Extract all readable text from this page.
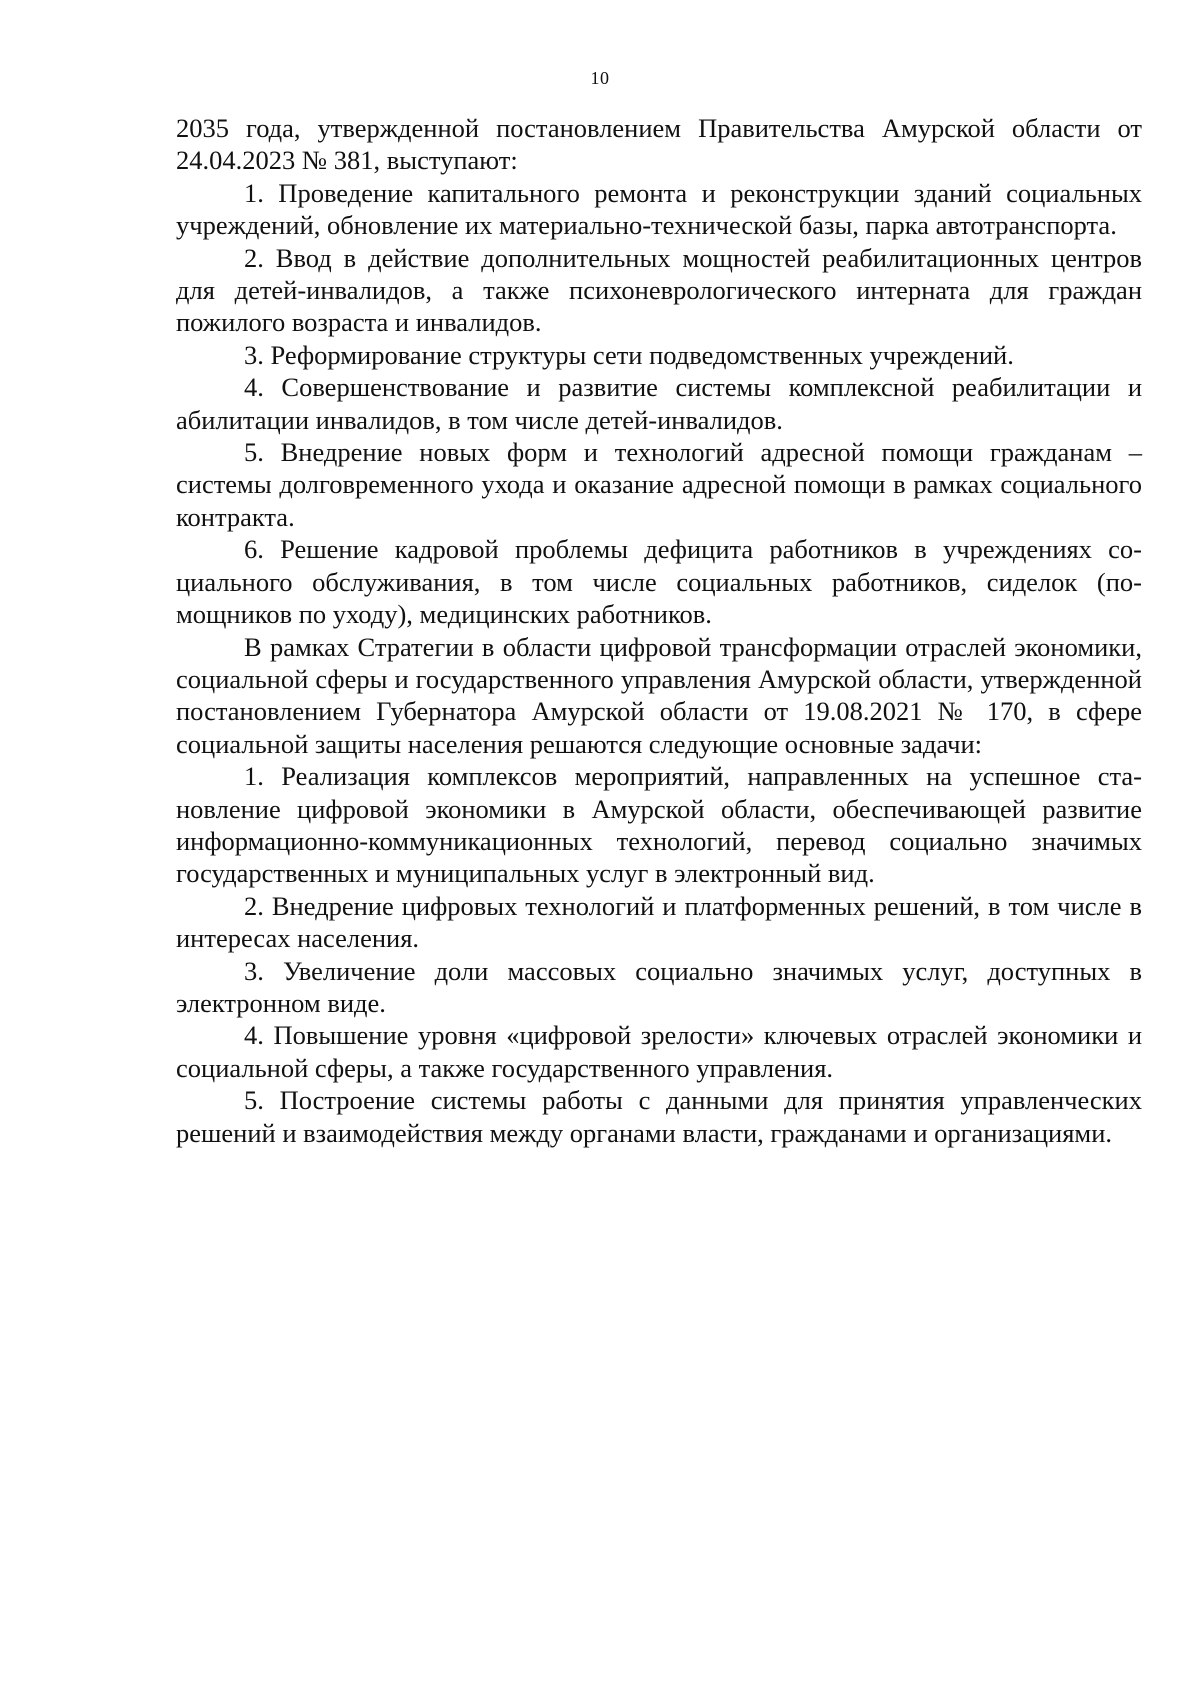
10

2035 года, утвержденной постановлением Правительства Амурской области от 24.04.2023 № 381, выступают:

1. Проведение капитального ремонта и реконструкции зданий социальных учреждений, обновление их материально-технической базы, парка автотранспорта.

2. Ввод в действие дополнительных мощностей реабилитационных центров для детей-инвалидов, а также психоневрологического интерната для граждан пожилого возраста и инвалидов.

3. Реформирование структуры сети подведомственных учреждений.

4. Совершенствование и развитие системы комплексной реабилитации и абилитации инвалидов, в том числе детей-инвалидов.

5. Внедрение новых форм и технологий адресной помощи гражданам – системы долговременного ухода и оказание адресной помощи в рамках социального контракта.

6. Решение кадровой проблемы дефицита работников в учреждениях социального обслуживания, в том числе социальных работников, сиделок (помощников по уходу), медицинских работников.

В рамках Стратегии в области цифровой трансформации отраслей экономики, социальной сферы и государственного управления Амурской области, утвержденной постановлением Губернатора Амурской области от 19.08.2021 № 170, в сфере социальной защиты населения решаются следующие основные задачи:

1. Реализация комплексов мероприятий, направленных на успешное становление цифровой экономики в Амурской области, обеспечивающей развитие информационно-коммуникационных технологий, перевод социально значимых государственных и муниципальных услуг в электронный вид.

2. Внедрение цифровых технологий и платформенных решений, в том числе в интересах населения.

3. Увеличение доли массовых социально значимых услуг, доступных в электронном виде.

4. Повышение уровня «цифровой зрелости» ключевых отраслей экономики и социальной сферы, а также государственного управления.

5. Построение системы работы с данными для принятия управленческих решений и взаимодействия между органами власти, гражданами и организациями.
